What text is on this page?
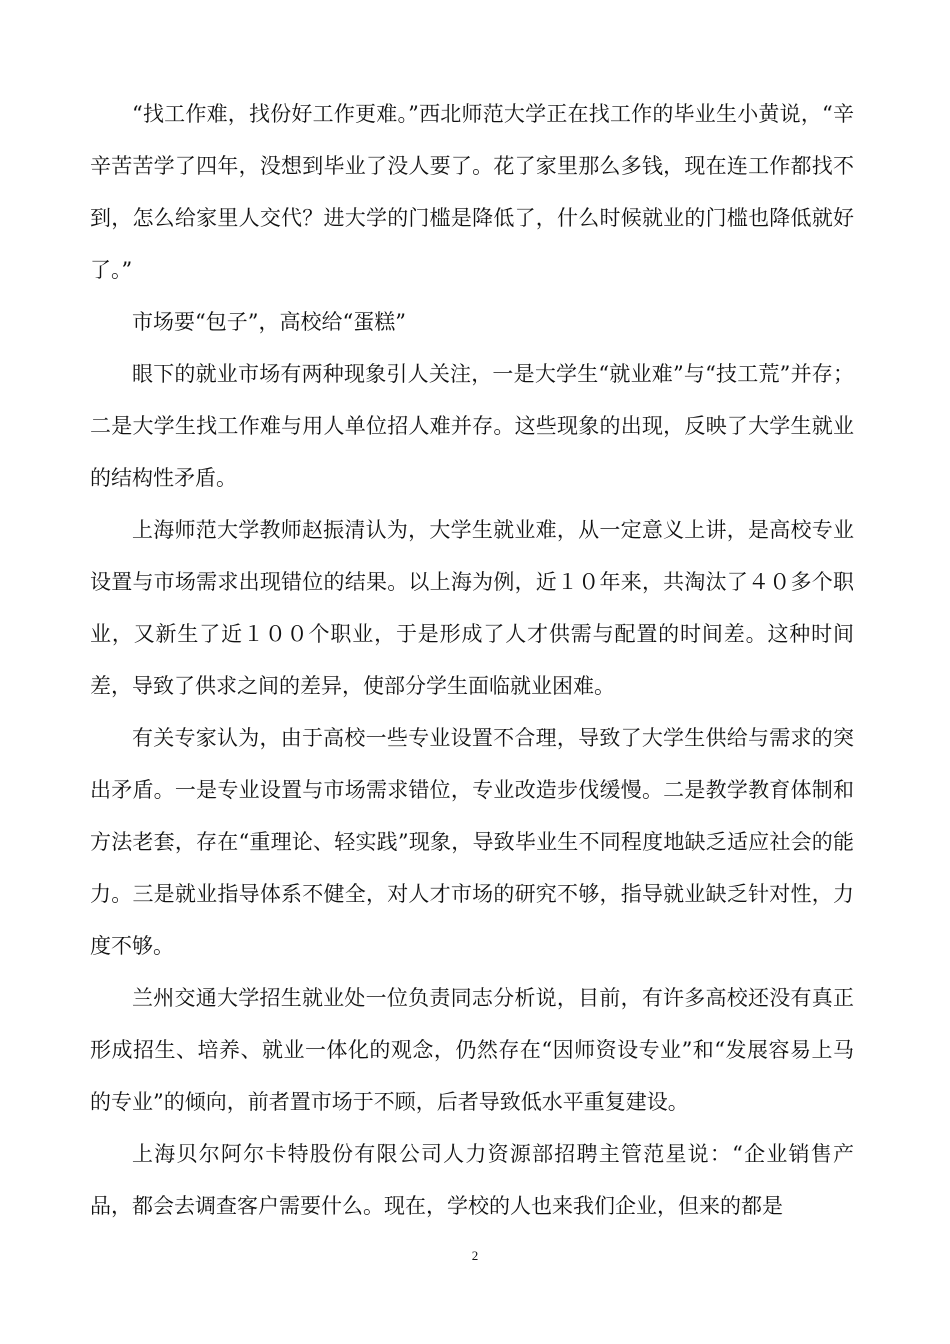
“找工作难，找份好工作更难。”西北师范大学正在找工作的毕业生小黄说，“辛辛苦苦学了四年，没想到毕业了没人要了。花了家里那么多钱，现在连工作都找不到，怎么给家里人交代？进大学的门槛是降低了，什么时候就业的门槛也降低就好了。”

市场要“包子”，高校给“蛋糕”

眼下的就业市场有两种现象引人关注，一是大学生“就业难”与“技工荒”并存；二是大学生找工作难与用人单位招人难并存。这些现象的出现，反映了大学生就业的结构性矛盾。

上海师范大学教师赵振清认为，大学生就业难，从一定意义上讲，是高校专业设置与市场需求出现错位的结果。以上海为例，近１０年来，共淘汰了４０多个职业，又新生了近１００个职业，于是形成了人才供需与配置的时间差。这种时间差，导致了供求之间的差异，使部分学生面临就业困难。

有关专家认为，由于高校一些专业设置不合理，导致了大学生供给与需求的突出矛盾。一是专业设置与市场需求错位，专业改造步伐缓慢。二是教学教育体制和方法老套，存在“重理论、轻实践”现象，导致毕业生不同程度地缺乏适应社会的能力。三是就业指导体系不健全，对人才市场的研究不够，指导就业缺乏针对性，力度不够。

兰州交通大学招生就业处一位负责同志分析说，目前，有许多高校还没有真正形成招生、培养、就业一体化的观念，仍然存在“因师资设专业”和“发展容易上马的专业”的倾向，前者置市场于不顾，后者导致低水平重复建设。

上海贝尔阿尔卡特股份有限公司人力资源部招聘主管范星说：“企业销售产品，都会去调查客户需要什么。现在，学校的人也来我们企业，但来的都是

2
